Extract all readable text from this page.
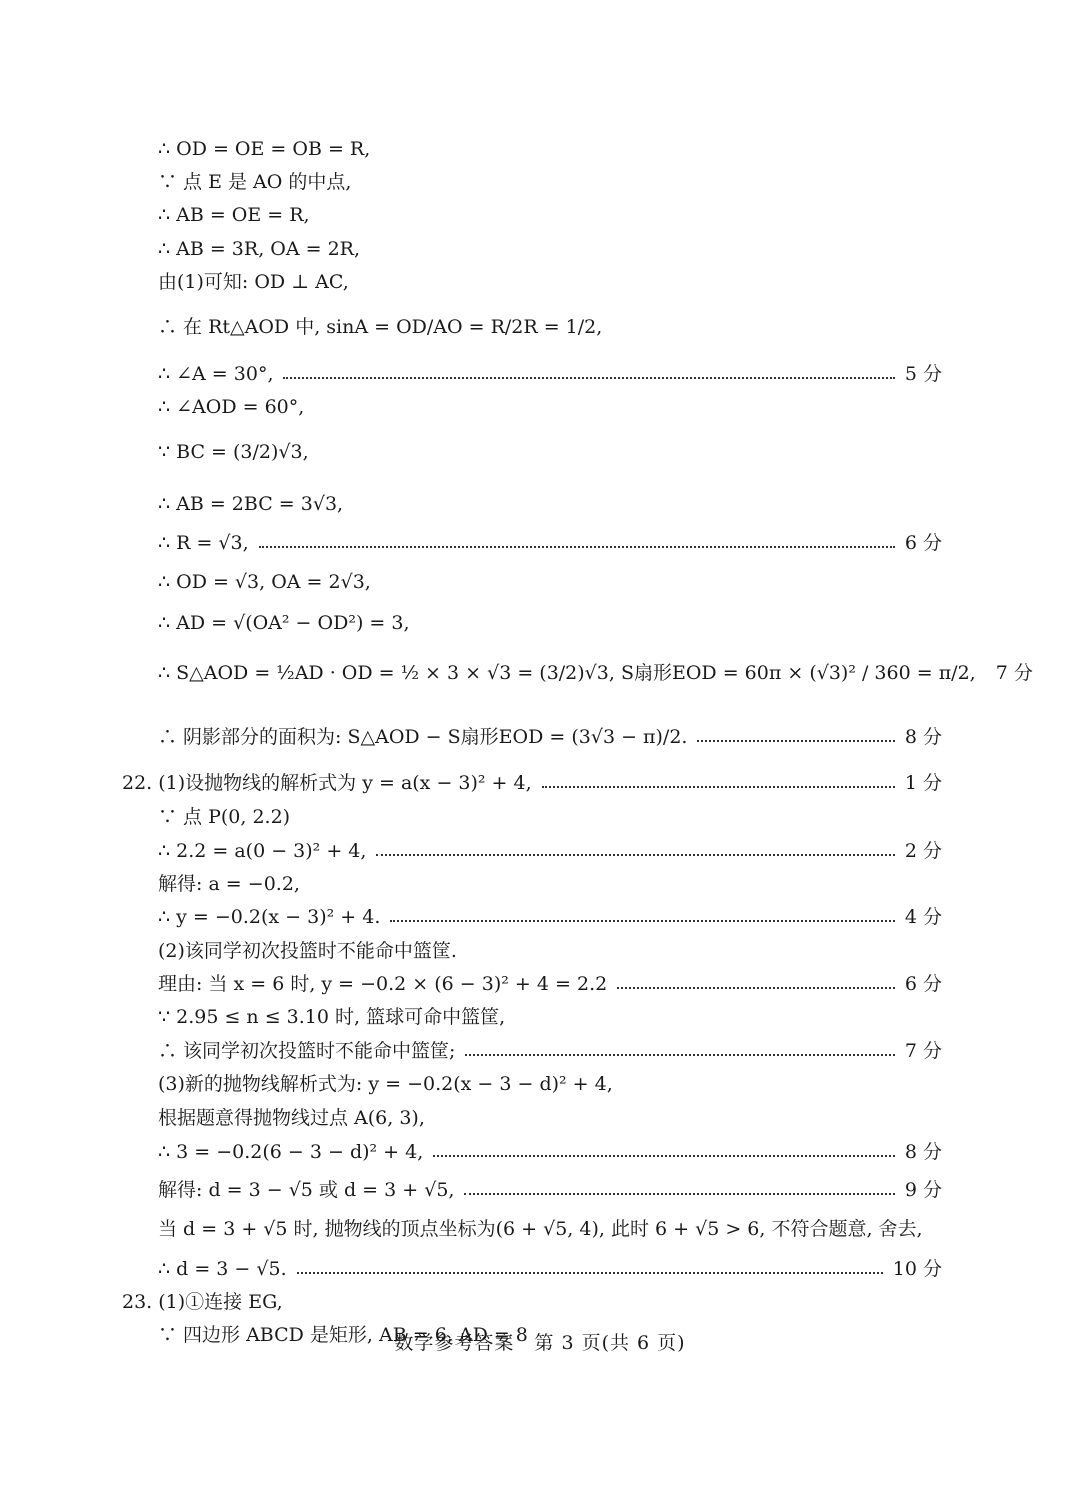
∴ OD = OE = OB = R,
∵ 点 E 是 AO 的中点,
∴ AB = OE = R,
∴ AB = 3R, OA = 2R,
由(1)可知: OD ⊥ AC,
∴ 在 Rt△AOD 中, sinA = OD/AO = R/2R = 1/2,
∴ ∠A = 30°,	5 分
∴ ∠AOD = 60°,
∵ BC = (3/2)√3,
∴ AB = 2BC = 3√3,
∴ R = √3,	6 分
∴ OD = √3, OA = 2√3,
∴ AD = √(OA² − OD²) = 3,
∴ S△AOD = ½AD · OD = ½ × 3 × √3 = (3/2)√3, S扇形EOD = 60π × (√3)² / 360 = π/2, 7 分
∴ 阴影部分的面积为: S△AOD − S扇形EOD = (3√3 − π)/2.	8 分
22. (1)设抛物线的解析式为 y = a(x − 3)² + 4,	1 分
∵ 点 P(0, 2.2)
∴ 2.2 = a(0 − 3)² + 4,	2 分
解得: a = −0.2,
∴ y = −0.2(x − 3)² + 4.	4 分
(2)该同学初次投篮时不能命中篮筐.
理由: 当 x = 6 时, y = −0.2 × (6 − 3)² + 4 = 2.2	6 分
∵ 2.95 ≤ n ≤ 3.10 时, 篮球可命中篮筐,
∴ 该同学初次投篮时不能命中篮筐;	7 分
(3)新的抛物线解析式为: y = −0.2(x − 3 − d)² + 4,
根据题意得抛物线过点 A(6, 3),
∴ 3 = −0.2(6 − 3 − d)² + 4,	8 分
解得: d = 3 − √5 或 d = 3 + √5,	9 分
当 d = 3 + √5 时, 抛物线的顶点坐标为(6 + √5, 4), 此时 6 + √5 > 6, 不符合题意, 舍去,
∴ d = 3 − √5.	10 分
23. (1)①连接 EG,
∵ 四边形 ABCD 是矩形, AB = 6, AD = 8
数学参考答案　第 3 页(共 6 页)
